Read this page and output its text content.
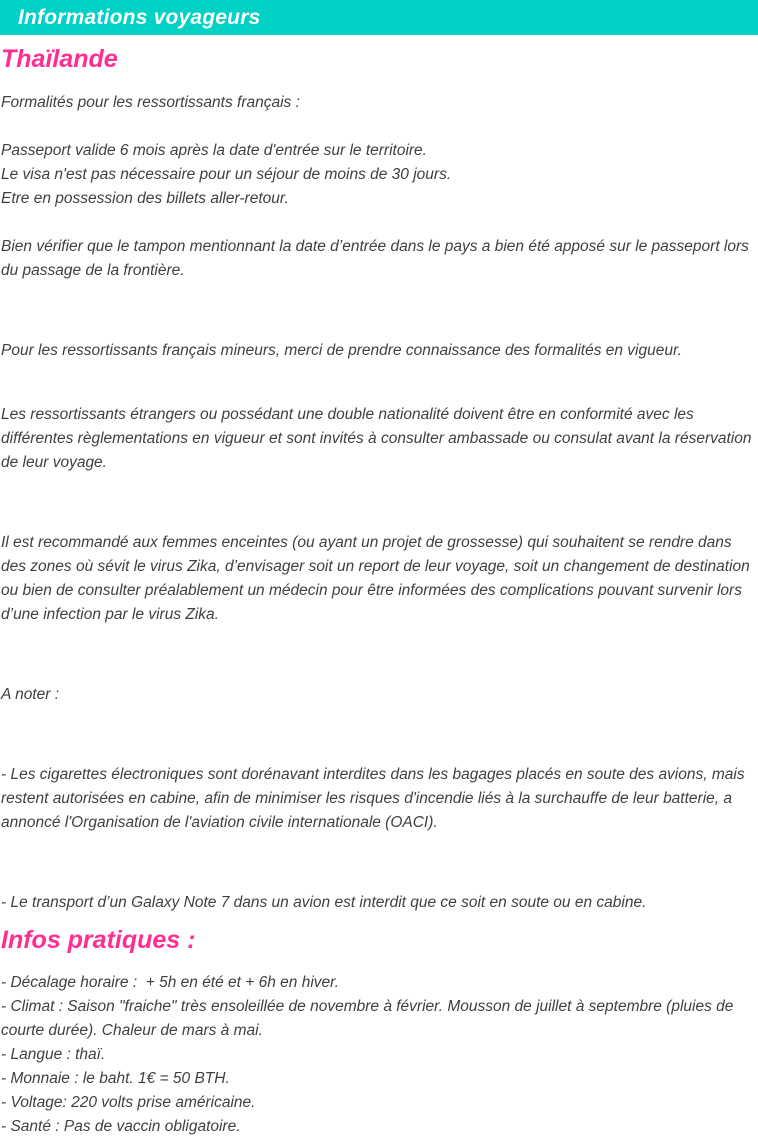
Informations voyageurs
Thaïlande

Formalités pour les ressortissants français :

Passeport valide 6 mois après la date d'entrée sur le territoire.

Le visa n'est pas nécessaire pour un séjour de moins de 30 jours.

Etre en possession des billets aller-retour.

Bien vérifier que le tampon mentionnant la date d’entrée dans le pays a bien été apposé sur le passeport lors du passage de la frontière.

Pour les ressortissants français mineurs, merci de prendre connaissance des formalités en vigueur.

Les ressortissants étrangers ou possédant une double nationalité doivent être en conformité avec les différentes règlementations en vigueur et sont invités à consulter ambassade ou consulat avant la réservation de leur voyage.

Il est recommandé aux femmes enceintes (ou ayant un projet de grossesse) qui souhaitent se rendre dans des zones où sévit le virus Zika, d’envisager soit un report de leur voyage, soit un changement de destination ou bien de consulter préalablement un médecin pour être informées des complications pouvant survenir lors d’une infection par le virus Zika.

A noter :

- Les cigarettes électroniques sont dorénavant interdites dans les bagages placés en soute des avions, mais restent autorisées en cabine, afin de minimiser les risques d'incendie liés à la surchauffe de leur batterie, a annoncé l'Organisation de l'aviation civile internationale (OACI).

- Le transport d’un Galaxy Note 7 dans un avion est interdit que ce soit en soute ou en cabine.

Infos pratiques :

- Décalage horaire :  + 5h en été et + 6h en hiver.

- Climat : Saison "fraiche" très ensoleillée de novembre à février. Mousson de juillet à septembre (pluies de courte durée). Chaleur de mars à mai.

- Langue : thaï.

- Monnaie : le baht. 1€ = 50 BTH.

- Voltage: 220 volts prise américaine.

- Santé : Pas de vaccin obligatoire.
